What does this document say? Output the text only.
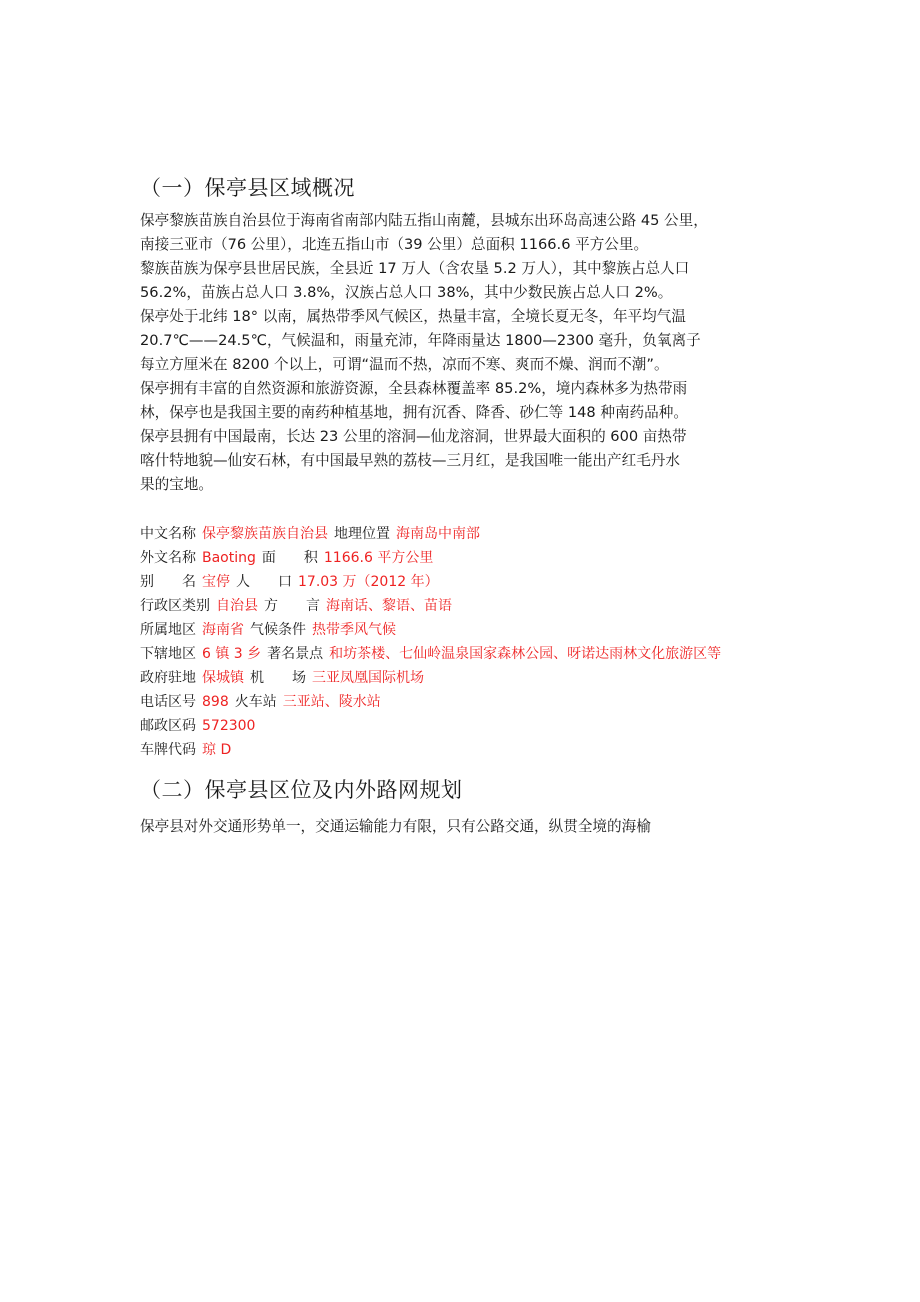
（一）保亭县区域概况
保亭黎族苗族自治县位于海南省南部内陆五指山南麓，县城东出环岛高速公路 45 公里，
南接三亚市（76 公里），北连五指山市（39 公里）总面积 1166.6 平方公里。
黎族苗族为保亭县世居民族，全县近 17 万人（含农垦 5.2 万人），其中黎族占总人口
56.2%，苗族占总人口 3.8%，汉族占总人口 38%，其中少数民族占总人口 2%。
保亭处于北纬 18° 以南，属热带季风气候区，热量丰富，全境长夏无冬，年平均气温
20.7℃——24.5℃，气候温和，雨量充沛，年降雨量达 1800—2300 毫升，负氧离子
每立方厘米在 8200 个以上，可谓“温而不热，凉而不寒、爽而不燥、润而不潮”。
保亭拥有丰富的自然资源和旅游资源，全县森林覆盖率 85.2%，境内森林多为热带雨
林，保亭也是我国主要的南药种植基地，拥有沉香、降香、砂仁等 148 种南药品种。
保亭县拥有中国最南，长达 23 公里的溶洞—仙龙溶洞，世界最大面积的 600 亩热带
喀什特地貌—仙安石林，有中国最早熟的荔枝—三月红，是我国唯一能出产红毛丹水
果的宝地。
中文名称 保亭黎族苗族自治县 地理位置 海南岛中南部
外文名称 Baoting 面　　积 1166.6 平方公里
别　　名 宝停 人　　口 17.03 万（2012 年）
行政区类别 自治县 方　　言 海南话、黎语、苗语
所属地区 海南省 气候条件 热带季风气候
下辖地区 6 镇 3 乡 著名景点 和坊茶楼、七仙岭温泉国家森林公园、呀诺达雨林文化旅游区等
政府驻地 保城镇 机　　场 三亚凤凰国际机场
电话区号 898 火车站 三亚站、陵水站
邮政区码 572300
车牌代码 琼 D
（二）保亭县区位及内外路网规划
保亭县对外交通形势单一，交通运输能力有限，只有公路交通，纵贯全境的海榆
